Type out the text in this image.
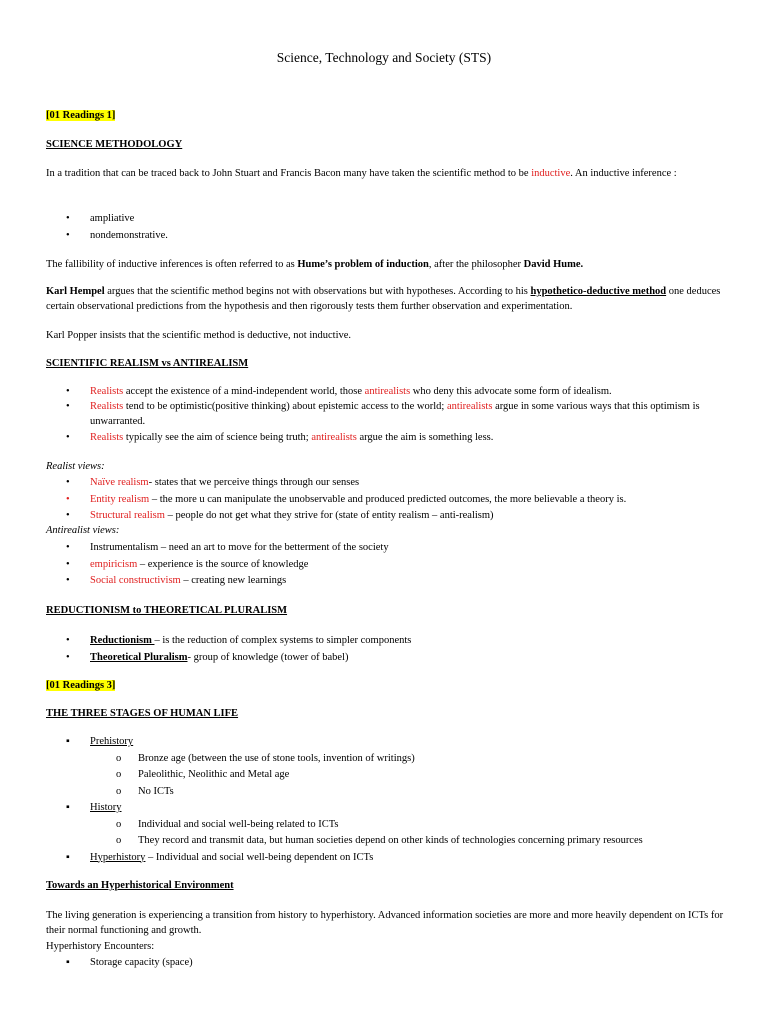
Science, Technology and Society (STS)
[01 Readings 1]
SCIENCE METHODOLOGY

In a tradition that can be traced back to John Stuart and Francis Bacon many have taken the scientific method to be inductive. An inductive inference :

• ampliative
• nondemonstrative.

The fallibility of inductive inferences is often referred to as Hume’s problem of induction, after the philosopher David Hume.

Karl Hempel argues that the scientific method begins not with observations but with hypotheses. According to his hypothetico-deductive method one deduces certain observational predictions from the hypothesis and then rigorously tests them further observation and experimentation.

Karl Popper insists that the scientific method is deductive, not inductive.

SCIENTIFIC REALISM vs ANTIREALISM
• Realists accept the existence of a mind-independent world, those antirealists who deny this advocate some form of idealism.
• Realists tend to be optimistic(positive thinking) about epistemic access to the world; antirealists argue in some various ways that this optimism is unwarranted.
• Realists typically see the aim of science being truth; antirealists argue the aim is something less.
Realist views:
• Naïve realism- states that we perceive things through our senses
• Entity realism – the more u can manipulate the unobservable and produced predicted outcomes, the more believable a theory is.
• Structural realism – people do not get what they strive for (state of entity realism – anti-realism)
Antirealist views:
• Instrumentalism – need an art to move for the betterment of the society
• empiricism – experience is the source of knowledge
• Social constructivism – creating new learnings
REDUCTIONISM to THEORETICAL PLURALISM
• Reductionism – is the reduction of complex systems to simpler components
• Theoretical Pluralism- group of knowledge (tower of babel)
[01 Readings 3]
THE THREE STAGES OF HUMAN LIFE
▪ Prehistory
o Bronze age (between the use of stone tools, invention of writings)
o Paleolithic, Neolithic and Metal age
o No ICTs
▪ History
o Individual and social well-being related to ICTs
o They record and transmit data, but human societies depend on other kinds of technologies concerning primary resources
▪ Hyperhistory – Individual and social well-being dependent on ICTs
Towards an Hyperhistorical Environment

The living generation is experiencing a transition from history to hyperhistory. Advanced information societies are more and more heavily dependent on ICTs for their normal functioning and growth.

Hyperhistory Encounters:
▪ Storage capacity (space)
